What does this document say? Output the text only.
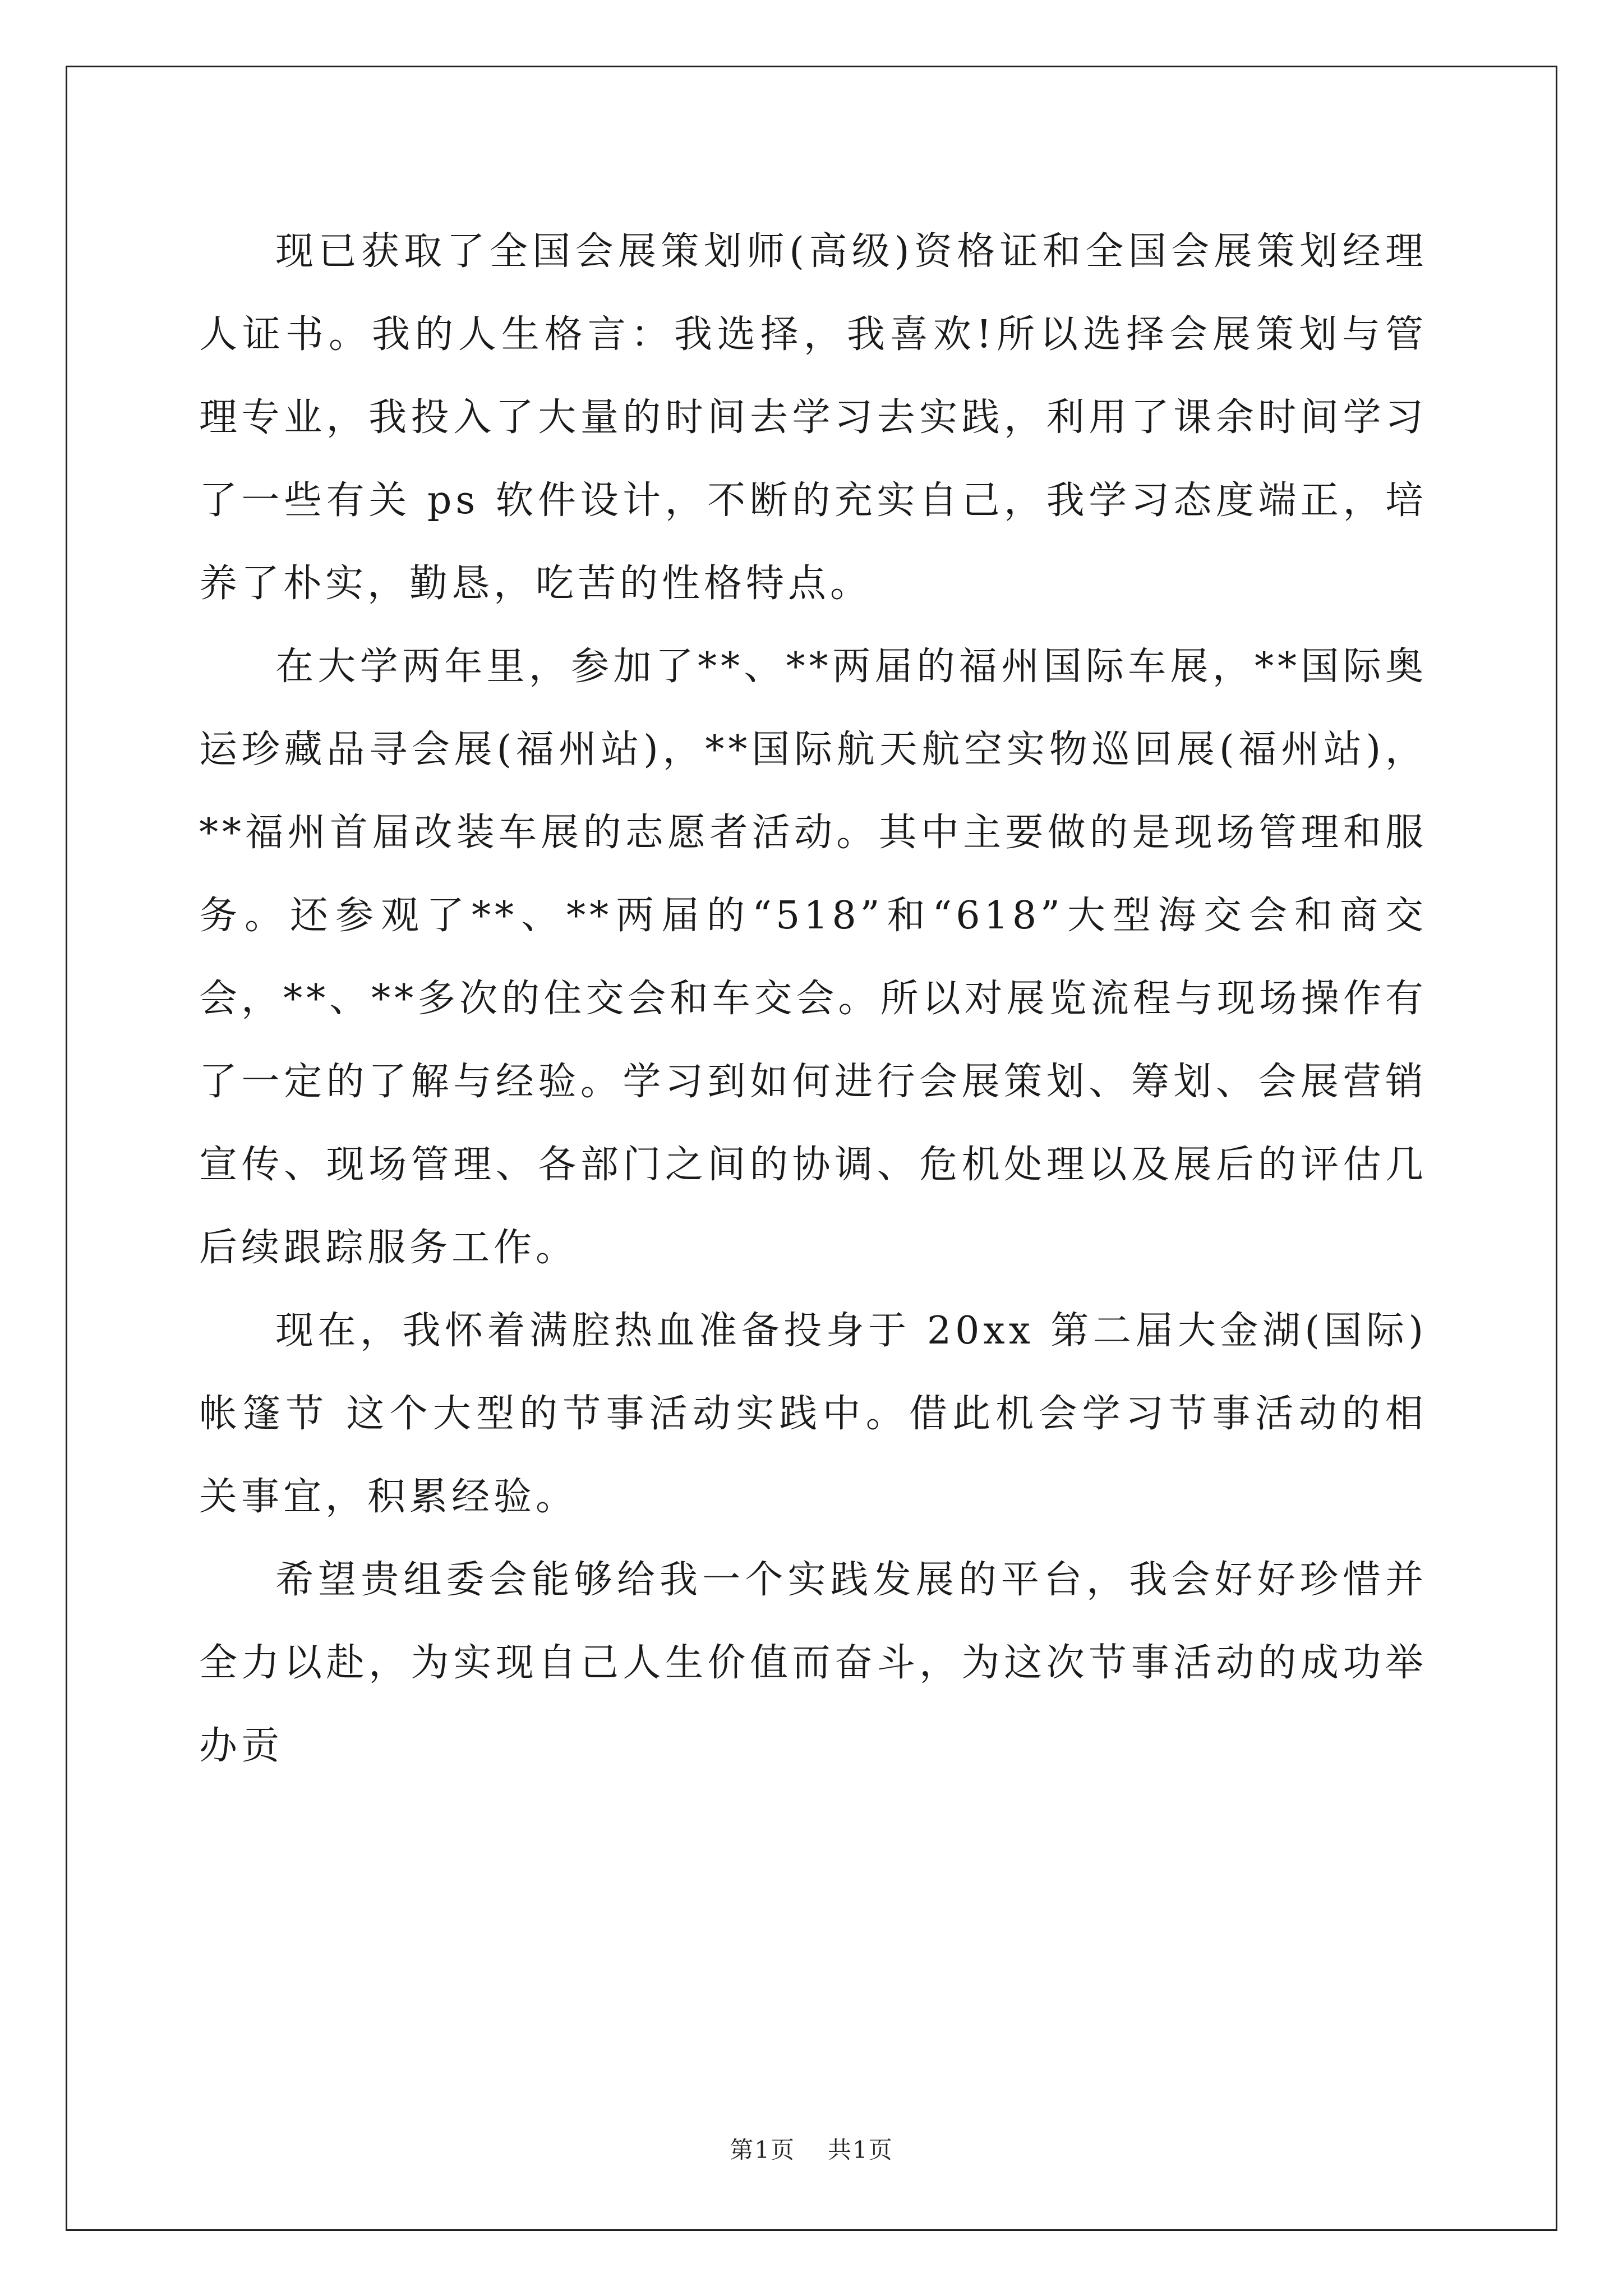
现已获取了全国会展策划师(高级)资格证和全国会展策划经理人证书。我的人生格言：我选择，我喜欢!所以选择会展策划与管理专业，我投入了大量的时间去学习去实践，利用了课余时间学习了一些有关 ps 软件设计，不断的充实自己，我学习态度端正，培养了朴实，勤恳，吃苦的性格特点。

在大学两年里，参加了**、**两届的福州国际车展，**国际奥运珍藏品寻会展(福州站)，**国际航天航空实物巡回展(福州站)，**福州首届改装车展的志愿者活动。其中主要做的是现场管理和服务。还参观了**、**两届的“518”和“618”大型海交会和商交会，**、**多次的住交会和车交会。所以对展览流程与现场操作有了一定的了解与经验。学习到如何进行会展策划、筹划、会展营销宣传、现场管理、各部门之间的协调、危机处理以及展后的评估几后续跟踪服务工作。

现在，我怀着满腔热血准备投身于 20xx 第二届大金湖(国际)帐篷节 这个大型的节事活动实践中。借此机会学习节事活动的相关事宜，积累经验。

希望贵组委会能够给我一个实践发展的平台，我会好好珍惜并全力以赴，为实现自己人生价值而奋斗，为这次节事活动的成功举办贡

第1页 共1页
